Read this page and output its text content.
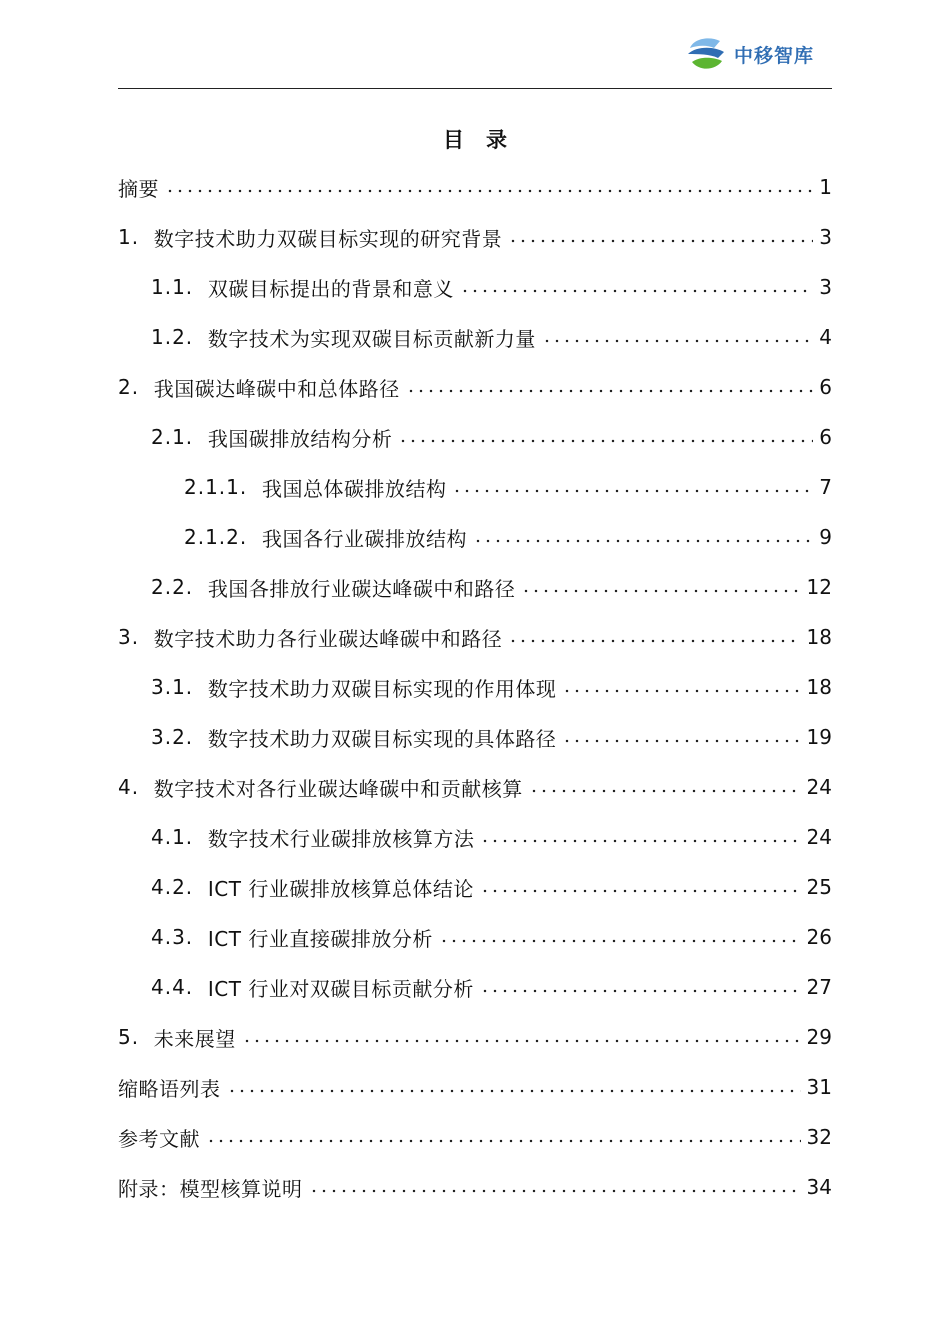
中移智库
目录
摘要	1
1. 数字技术助力双碳目标实现的研究背景	3
1.1. 双碳目标提出的背景和意义	3
1.2. 数字技术为实现双碳目标贡献新力量	4
2. 我国碳达峰碳中和总体路径	6
2.1. 我国碳排放结构分析	6
2.1.1. 我国总体碳排放结构	7
2.1.2. 我国各行业碳排放结构	9
2.2. 我国各排放行业碳达峰碳中和路径	12
3. 数字技术助力各行业碳达峰碳中和路径	18
3.1. 数字技术助力双碳目标实现的作用体现	18
3.2. 数字技术助力双碳目标实现的具体路径	19
4. 数字技术对各行业碳达峰碳中和贡献核算	24
4.1. 数字技术行业碳排放核算方法	24
4.2. ICT 行业碳排放核算总体结论	25
4.3. ICT 行业直接碳排放分析	26
4.4. ICT 行业对双碳目标贡献分析	27
5. 未来展望	29
缩略语列表	31
参考文献	32
附录：模型核算说明	34
